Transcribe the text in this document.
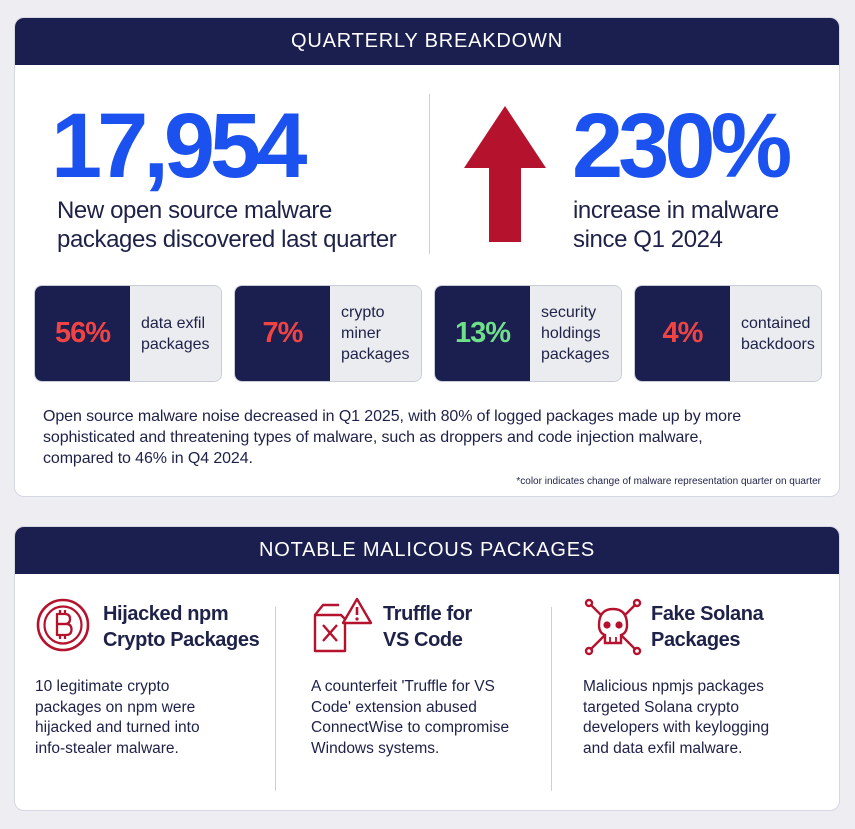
QUARTERLY BREAKDOWN
17,954
New open source malware
packages discovered last quarter
230%
increase in malware
since Q1 2024
56%	data exfil
packages	7%
crypto
miner
packages
13%
security
holdings
packages
4%	contained
backdoors
Open source malware noise decreased in Q1 2025, with 80% of logged packages made up by more
sophisticated and threatening types of malware, such as droppers and code injection malware,
compared to 46% in Q4 2024.
*color indicates change of malware representation quarter on quarter
NOTABLE MALICOUS PACKAGES
Hijacked npm
Crypto Packages
10 legitimate crypto
packages on npm were
hijacked and turned into
info-stealer malware.
Truffle for
VS Code
A counterfeit 'Truffle for VS
Code' extension abused
ConnectWise to compromise
Windows systems.
Fake Solana
Packages
Malicious npmjs packages
targeted Solana crypto
developers with keylogging
and data exfil malware.
